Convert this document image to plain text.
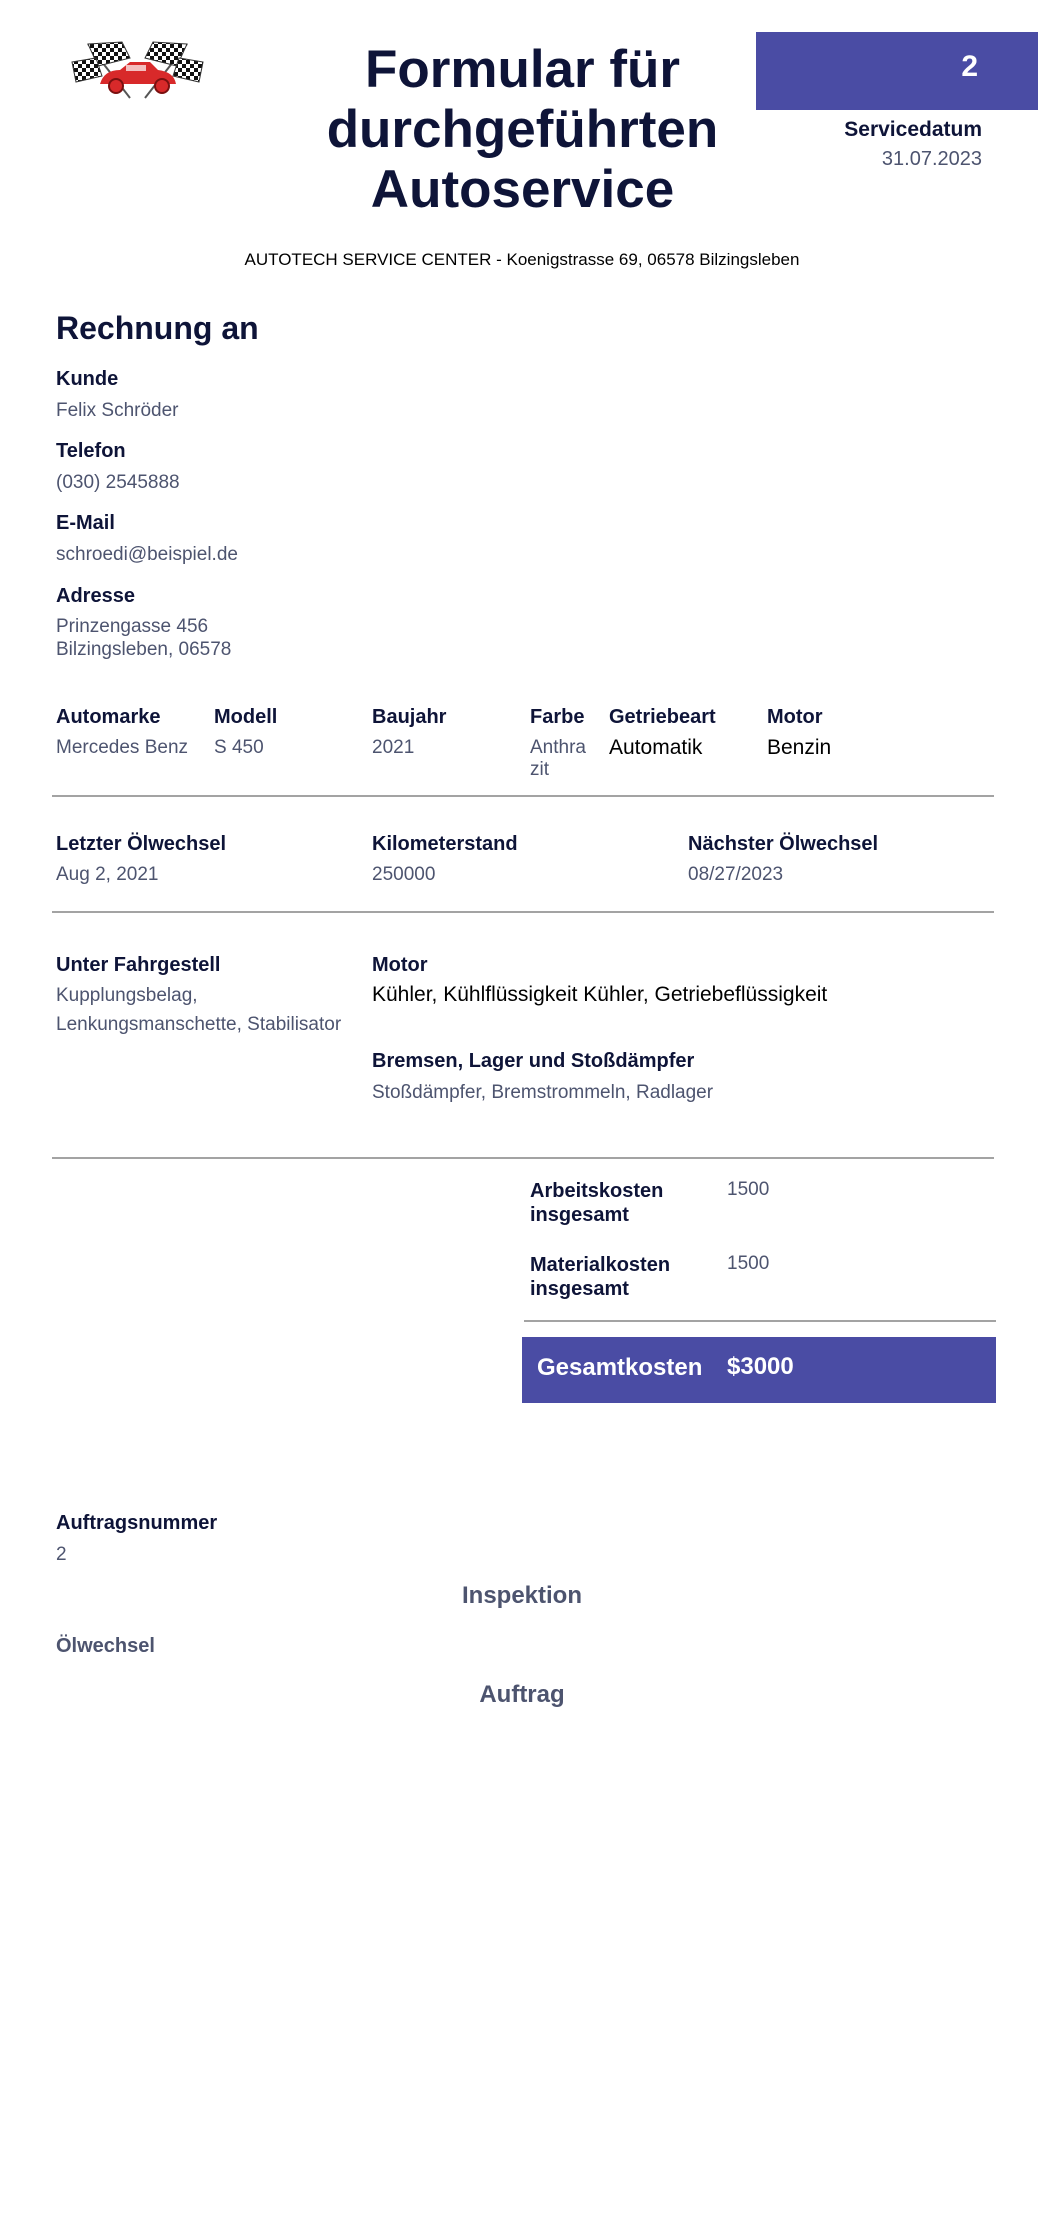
Formular für durchgeführten Autoservice
2
Servicedatum
31.07.2023
AUTOTECH SERVICE CENTER - Koenigstrasse 69, 06578 Bilzingsleben
Rechnung an
Kunde
Felix Schröder
Telefon
(030) 2545888
E-Mail
schroedi@beispiel.de
Adresse
Prinzengasse 456
Bilzingsleben, 06578
Automarke
Mercedes Benz
Modell
S 450
Baujahr
2021
Farbe
Anthra
zit
Getriebeart
Automatik
Motor
Benzin
Letzter Ölwechsel
Aug 2, 2021
Kilometerstand
250000
Nächster Ölwechsel
08/27/2023
Unter Fahrgestell
Kupplungsbelag,
Lenkungsmanschette, Stabilisator
Motor
Kühler, Kühlflüssigkeit Kühler, Getriebeflüssigkeit
Bremsen, Lager und Stoßdämpfer
Stoßdämpfer, Bremstrommeln, Radlager
Arbeitskosten
insgesamt
1500
Materialkosten
insgesamt
1500
Gesamtkosten $3000
Auftragsnummer
2
Inspektion
Ölwechsel
Auftrag
